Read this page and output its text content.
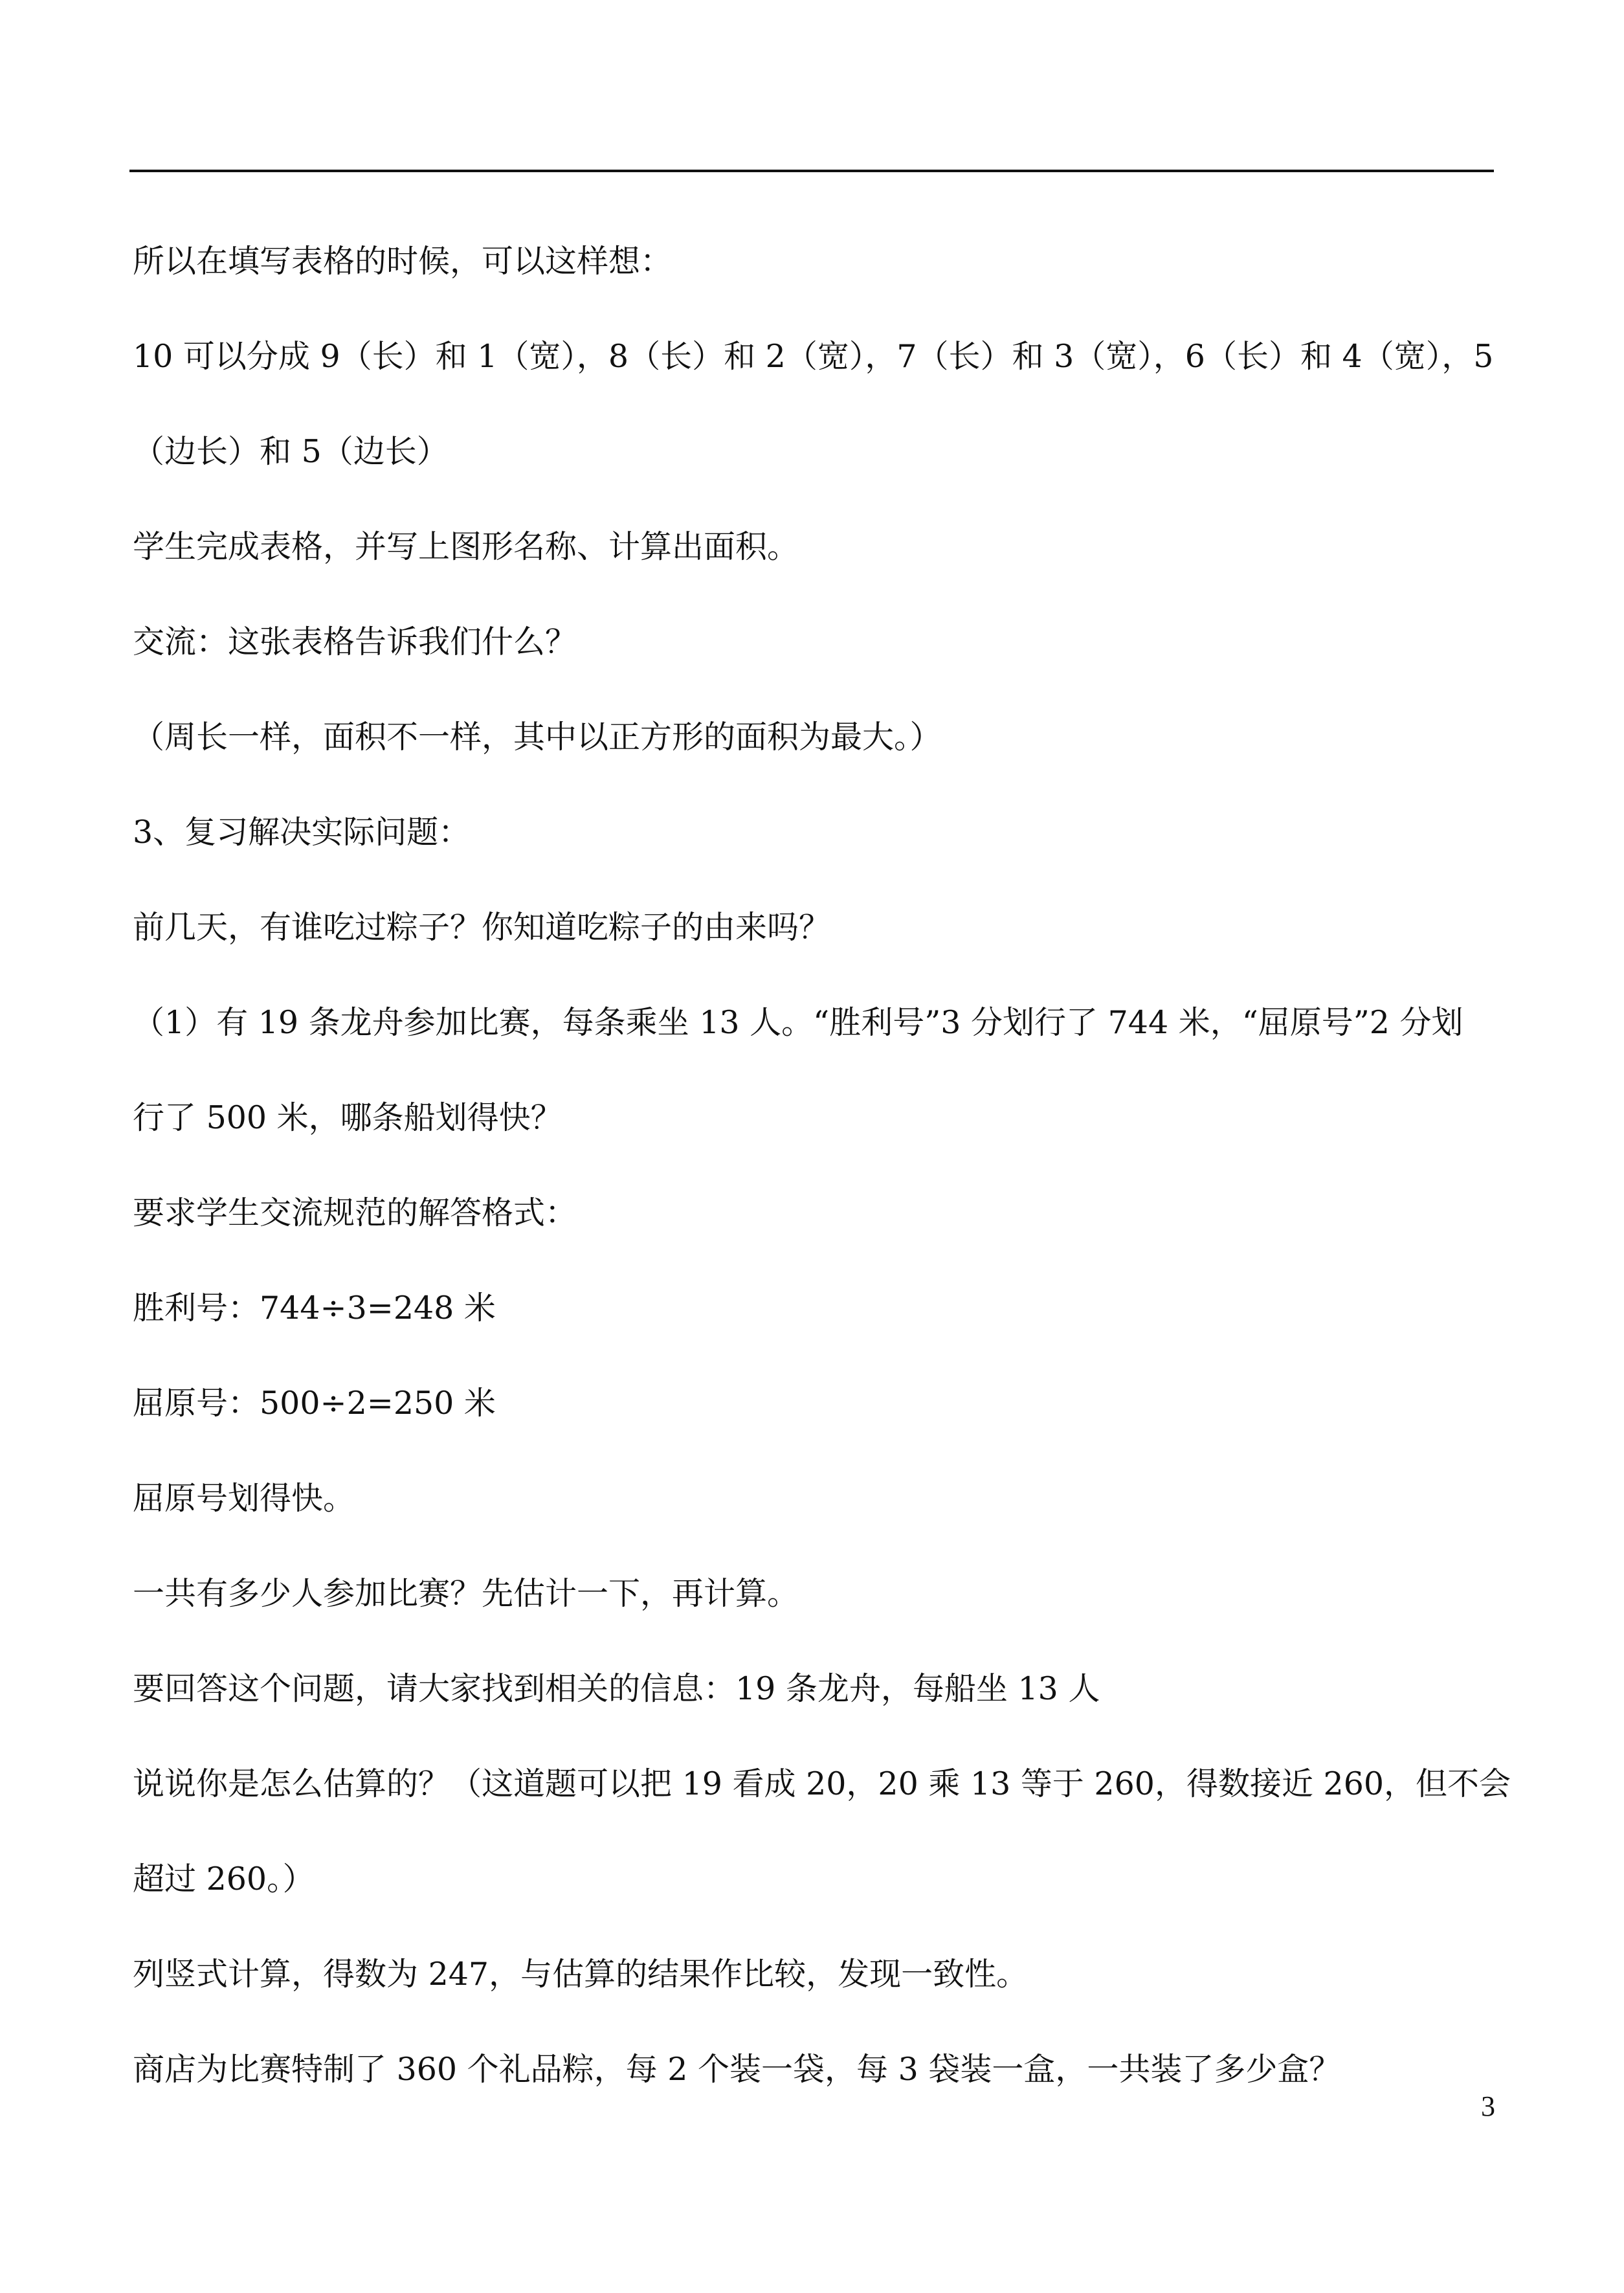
所以在填写表格的时候，可以这样想：

10 可以分成 9（长）和 1（宽），8（长）和 2（宽），7（长）和 3（宽），6（长）和 4（宽），5

（边长）和 5（边长）

学生完成表格，并写上图形名称、计算出面积。

交流：这张表格告诉我们什么？

（周长一样，面积不一样，其中以正方形的面积为最大。）

3、复习解决实际问题：

前几天，有谁吃过粽子？你知道吃粽子的由来吗？

（1）有 19 条龙舟参加比赛，每条乘坐 13 人。“胜利号”3 分划行了 744 米，“屈原号”2 分划

行了 500 米，哪条船划得快？

要求学生交流规范的解答格式：

胜利号：744÷3=248 米

屈原号：500÷2=250 米

屈原号划得快。

一共有多少人参加比赛？先估计一下，再计算。

要回答这个问题，请大家找到相关的信息：19 条龙舟，每船坐 13 人

说说你是怎么估算的？（这道题可以把 19 看成 20，20 乘 13 等于 260，得数接近 260，但不会

超过 260。）

列竖式计算，得数为 247，与估算的结果作比较，发现一致性。

商店为比赛特制了 360 个礼品粽，每 2 个装一袋，每 3 袋装一盒，一共装了多少盒？

3
